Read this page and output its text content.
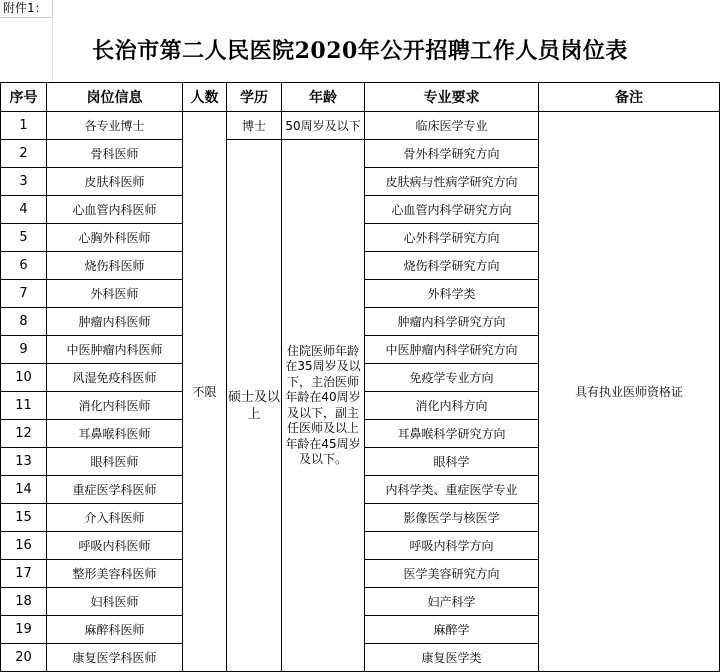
附件1：
长治市第二人民医院2020年公开招聘工作人员岗位表
序号	岗位信息	人数	学历	年龄	专业要求	备注
1	各专业博士	不限	博士	50周岁及以下	临床医学专业	具有执业医师资格证
2	骨科医师		硕士及以上	住院医师年龄在35周岁及以下，主治医师年龄在40周岁及以下，副主任医师及以上年龄在45周岁及以下。	骨外科学研究方向	
3	皮肤科医师				皮肤病与性病学研究方向	
4	心血管内科医师				心血管内科学研究方向	
5	心胸外科医师				心外科学研究方向	
6	烧伤科医师				烧伤科学研究方向	
7	外科医师				外科学类	
8	肿瘤内科医师				肿瘤内科学研究方向	
9	中医肿瘤内科医师				中医肿瘤内科学研究方向	
10	风湿免疫科医师				免疫学专业方向	
11	消化内科医师				消化内科方向	
12	耳鼻喉科医师				耳鼻喉科学研究方向	
13	眼科医师				眼科学	
14	重症医学科医师				内科学类、重症医学专业	
15	介入科医师				影像医学与核医学	
16	呼吸内科医师				呼吸内科学方向	
17	整形美容科医师				医学美容研究方向	
18	妇科医师				妇产科学	
19	麻醉科医师				麻醉学	
20	康复医学科医师				康复医学类	
